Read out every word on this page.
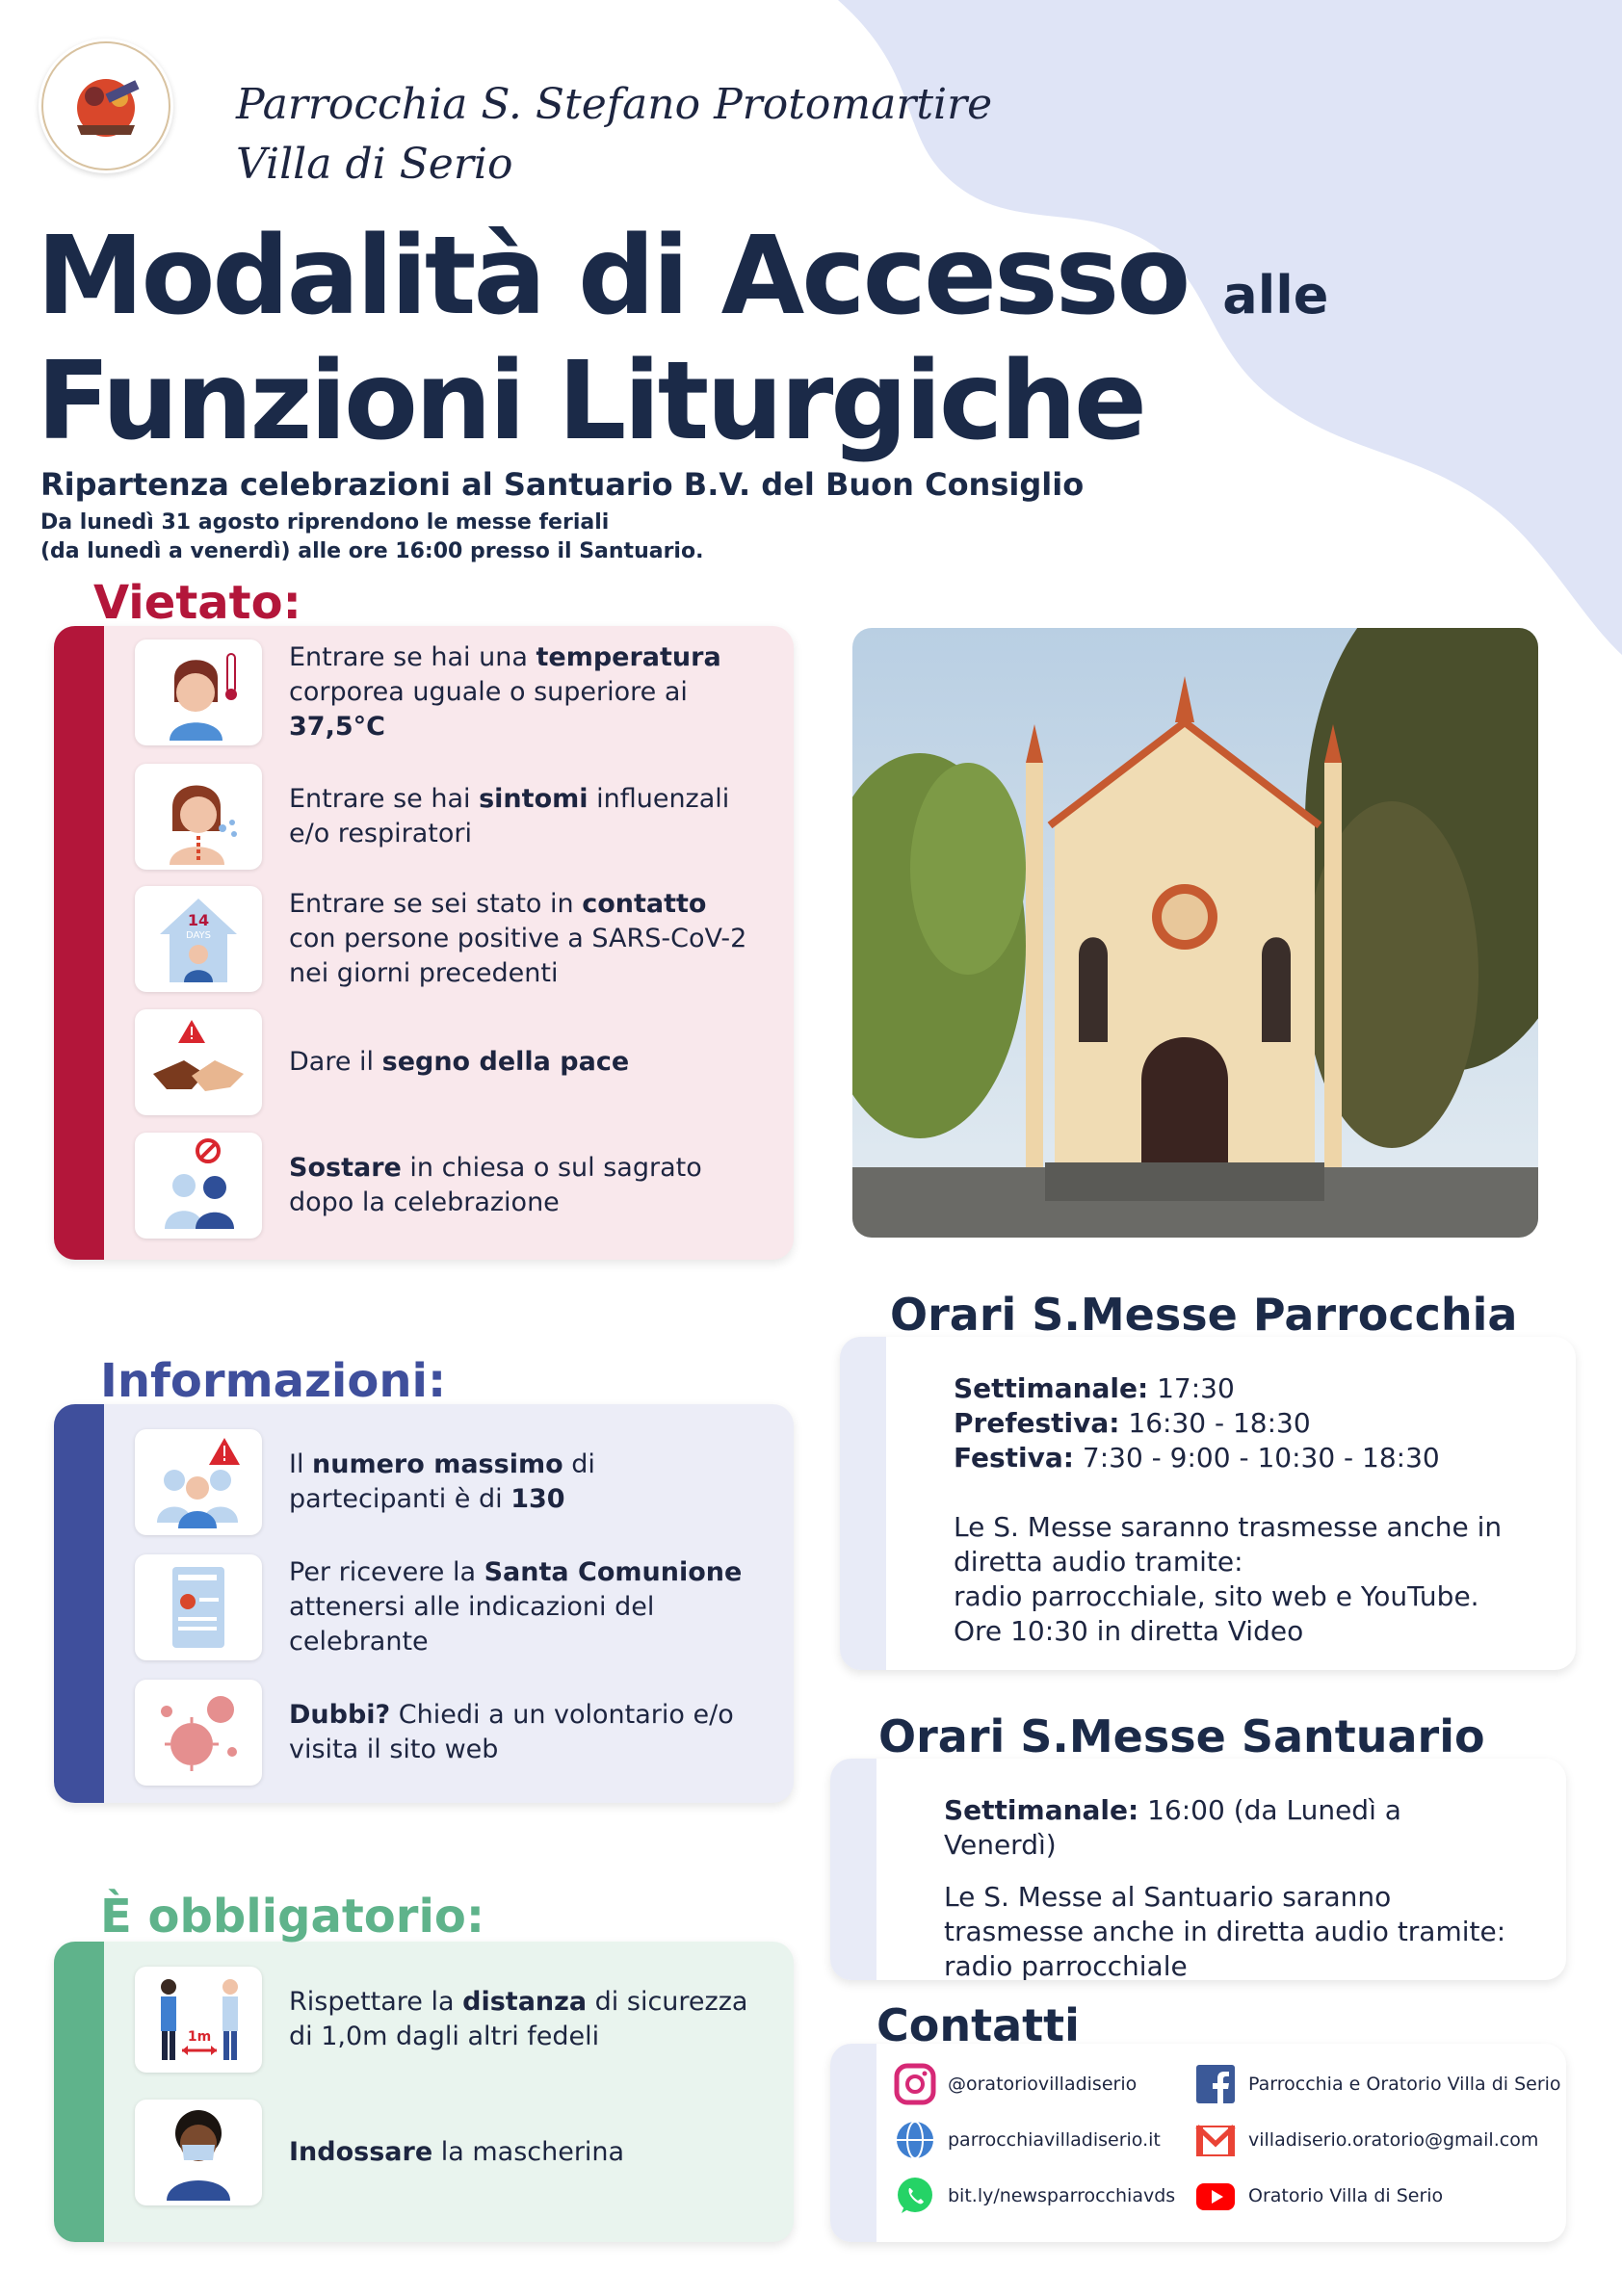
Parrocchia S. Stefano Protomartire
Villa di Serio
Modalità di Accesso alle
Funzioni Liturgiche
Ripartenza celebrazioni al Santuario B.V. del Buon Consiglio
Da lunedì 31 agosto riprendono le messe feriali
(da lunedì a venerdì) alle ore 16:00 presso il Santuario.
Entrare se hai una temperatura corporea uguale o superiore ai 37,5°C
Entrare se hai sintomi influenzali e/o respiratori
14
DAYS
Entrare se sei stato in contatto con persone positive a SARS-CoV-2 nei giorni precedenti
Dare il segno della pace
Sostare in chiesa o sul sagrato dopo la celebrazione
Vietato:
Il numero massimo di partecipanti è di 130
Per ricevere la Santa Comunione attenersi alle indicazioni del celebrante
Dubbi? Chiedi a un volontario e/o visita il sito web
Informazioni:
1m
Rispettare la distanza di sicurezza di 1,0m dagli altri fedeli
Indossare la mascherina
È obbligatorio:
Settimanale: 17:30
Prefestiva: 16:30 - 18:30
Festiva: 7:30 - 9:00 - 10:30 - 18:30
Le S. Messe saranno trasmesse anche in diretta audio tramite:
radio parrocchiale, sito web e YouTube.
Ore 10:30 in diretta Video
Orari S.Messe Parrocchia
Settimanale: 16:00 (da Lunedì a Venerdì)
Le S. Messe al Santuario saranno trasmesse anche in diretta audio tramite:
radio parrocchiale
Orari S.Messe Santuario
@oratoriovilladiserio	Parrocchia e Oratorio Villa di Serio
parrocchiavilladiserio.it	villadiserio.oratorio@gmail.com
bit.ly/newsparrocchiavds	Oratorio Villa di Serio
Contatti
